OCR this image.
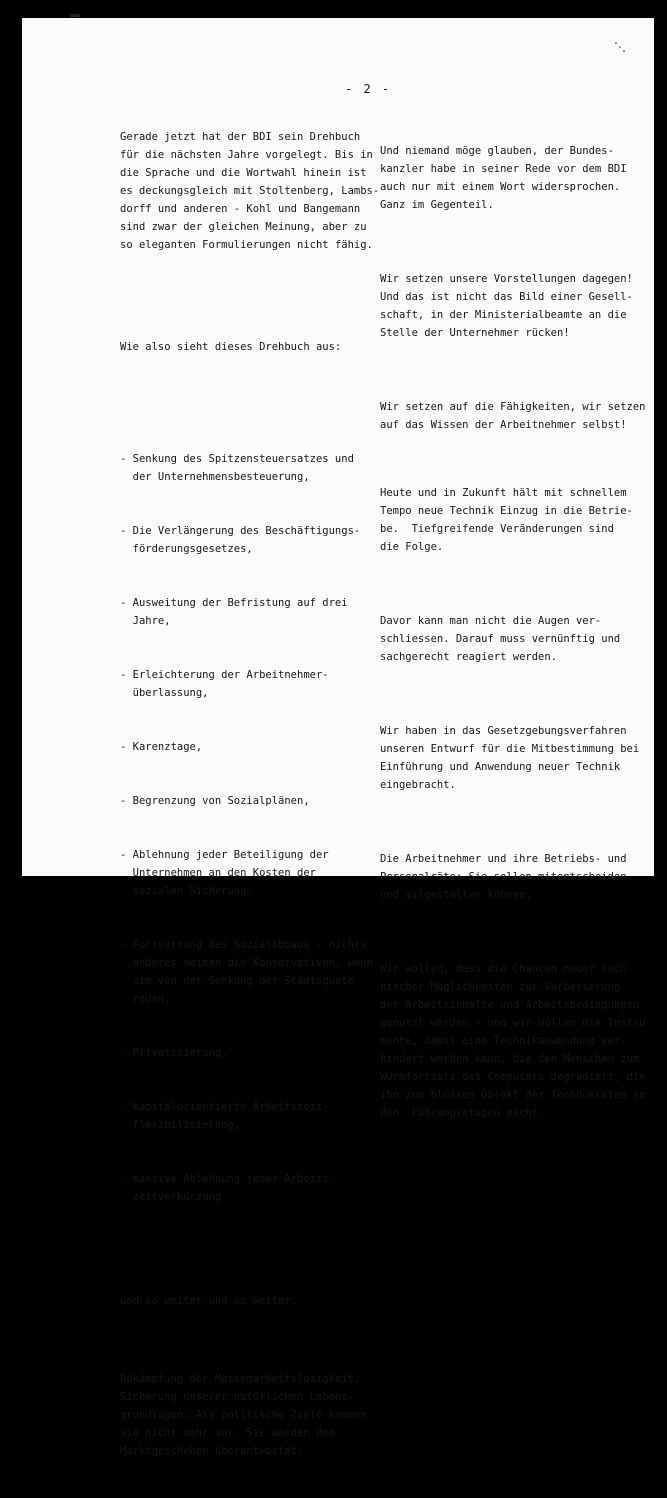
⋱
- 2 -

Gerade jetzt hat der BDI sein Drehbuch
für die nächsten Jahre vorgelegt. Bis
die Sprache und die Wortwahl hinein ist
es deckungsgleich mit Stoltenberg,
dorff und anderen - Kohl und Bangemann
sind zwar der gleichen Meinung, aber
so eleganten Formulierungen nicht fähig.

Wie also sieht dieses Drehbuch aus:

- Senkung des Spitzensteuersatzes und
der Unternehmensbesteuerung,

- Die Verlängerung des Beschäftigungs-
förderungsgesetzes,

- Ausweitung der Befristung auf drei
Jahre,

- Erleichterung der Arbeitnehmer-
überlassung,

- Karenztage,

- Begrenzung von Sozialplänen,

- Ablehnung jeder Beteiligung der
Unternehmen an den Kosten der
sozialen Sicherung,

- Fortsetzung des Sozialabbaus - nichts
anderes meinen die Konservativen, wenn
sie von der Senkung der Staatsquote
reden,

- Privatisierung,

- kapitalorientierte Arbeitszeit-
flexibilisierung,

- massive Ablehnung jeder Arbeits-
zeitverkürzung

und so weiter und so weiter.

Bekämpfung der Massenarbeitslosigkeit,
Sicherung unserer natürlichen Lebens-
grundlagen: Als politische Ziele kommen
sie nicht mehr vor. Sie werden dem
Marktgeschehen überantwortet.

Und niemand möge glauben, der Bundes-
kanzler habe in seiner Rede vor dem BDI
auch nur mit einem Wort widersprochen.
Ganz im Gegenteil.

Wir setzen unsere Vorstellungen dagegen!
Und das ist nicht das Bild einer Gesell-
schaft, in der Ministerialbeamte an die
Stelle der Unternehmer rücken!

Wir setzen auf die Fähigkeiten, wir
auf das Wissen der Arbeitnehmer selbst!

Heute und in Zukunft hält mit schnellem
Tempo neue Technik Einzug in die Betrie-
be.  Tiefgreifende Veränderungen sind
die Folge.

Davor kann man nicht die Augen ver-
schliessen. Darauf muss vernünftig und
sachgerecht reagiert werden.

Wir haben in das Gesetzgebungsverfahren
unseren Entwurf für die Mitbestimmung
Einführung und Anwendung neuer Technik
eingebracht.

Die Arbeitnehmer und ihre Betriebs- und
Personalräte: Sie sollen mitentscheiden
und mitgestalten können.

Wir wollen, dass die Chancen neuer tech-
nischer Möglichkeiten zur Verbesserung
der Arbeitsinhalte und Arbeitsbedingungen
genutzt werden - und wir wollen die Instru-
mente, damit eine Technikanwendung ver-
hindert werden kann, die den Menschen zum
Wurmfortsatz des Computers degradiert, die
ihn zum blossen Objekt der Technokraten in
den  Führungsetagen macht.
